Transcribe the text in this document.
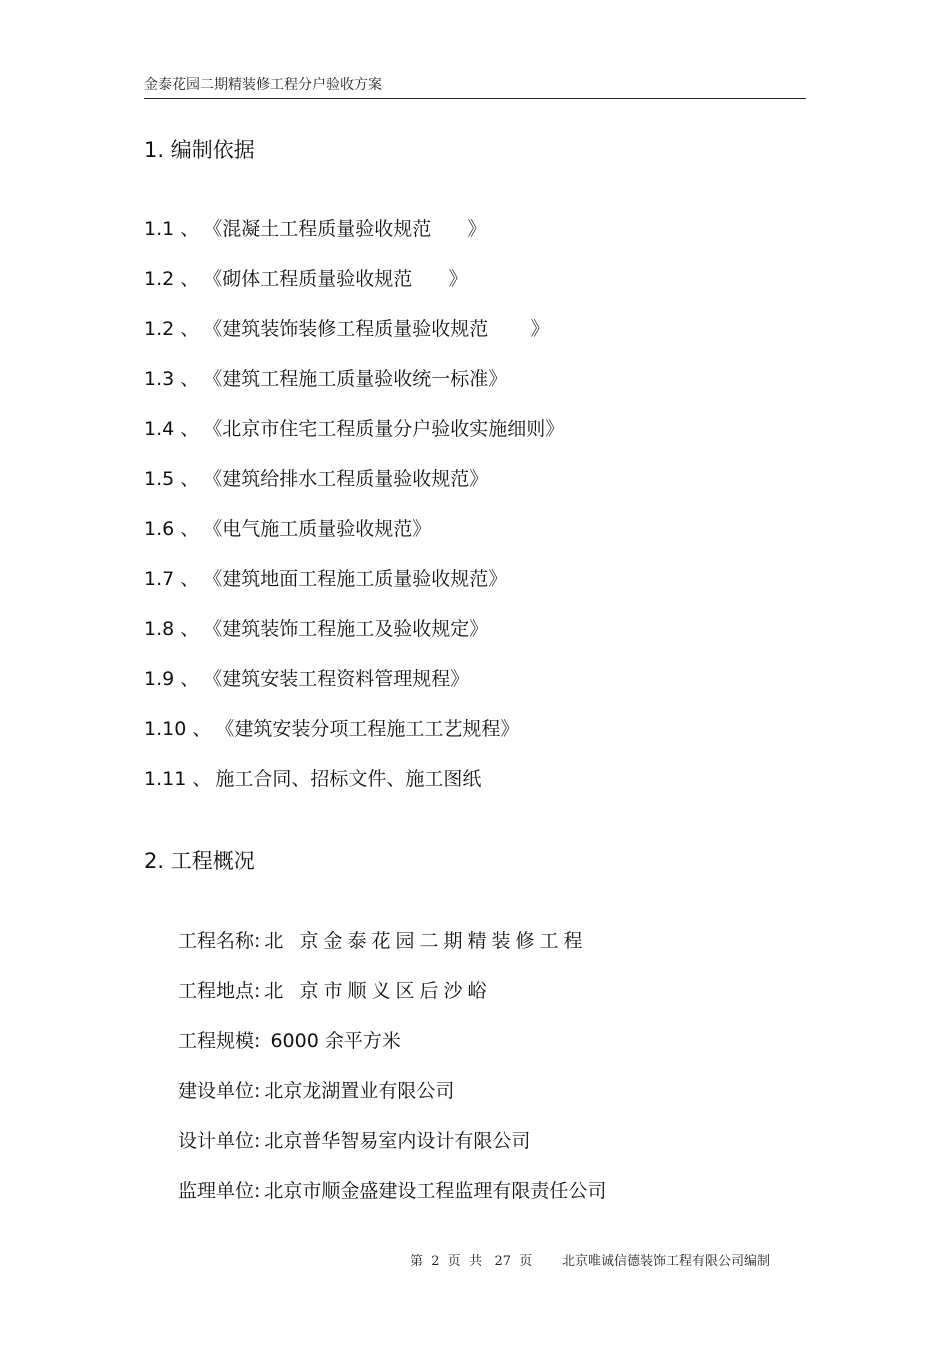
金泰花园二期精装修工程分户验收方案
1. 编制依据
1.1 、 《混凝土工程质量验收规范      》
1.2 、 《砌体工程质量验收规范      》
1.2 、 《建筑装饰装修工程质量验收规范       》
1.3 、 《建筑工程施工质量验收统一标准》
1.4 、 《北京市住宅工程质量分户验收实施细则》
1.5 、 《建筑给排水工程质量验收规范》
1.6 、 《电气施工质量验收规范》
1.7 、 《建筑地面工程施工质量验收规范》
1.8 、 《建筑装饰工程施工及验收规定》
1.9 、 《建筑安装工程资料管理规程》
1.10 、 《建筑安装分项工程施工工艺规程》
1.11 、 施工合同、招标文件、施工图纸
2. 工程概况
工程名称: 北 京金泰花园二期精装修工程
工程地点: 北 京市顺义区后沙峪
工程规模: 6000 余平方米
建设单位: 北京龙湖置业有限公司
设计单位: 北京普华智易室内设计有限公司
监理单位: 北京市顺金盛建设工程监理有限责任公司
第  2  页  共   27  页 北京唯诚信德装饰工程有限公司编制
